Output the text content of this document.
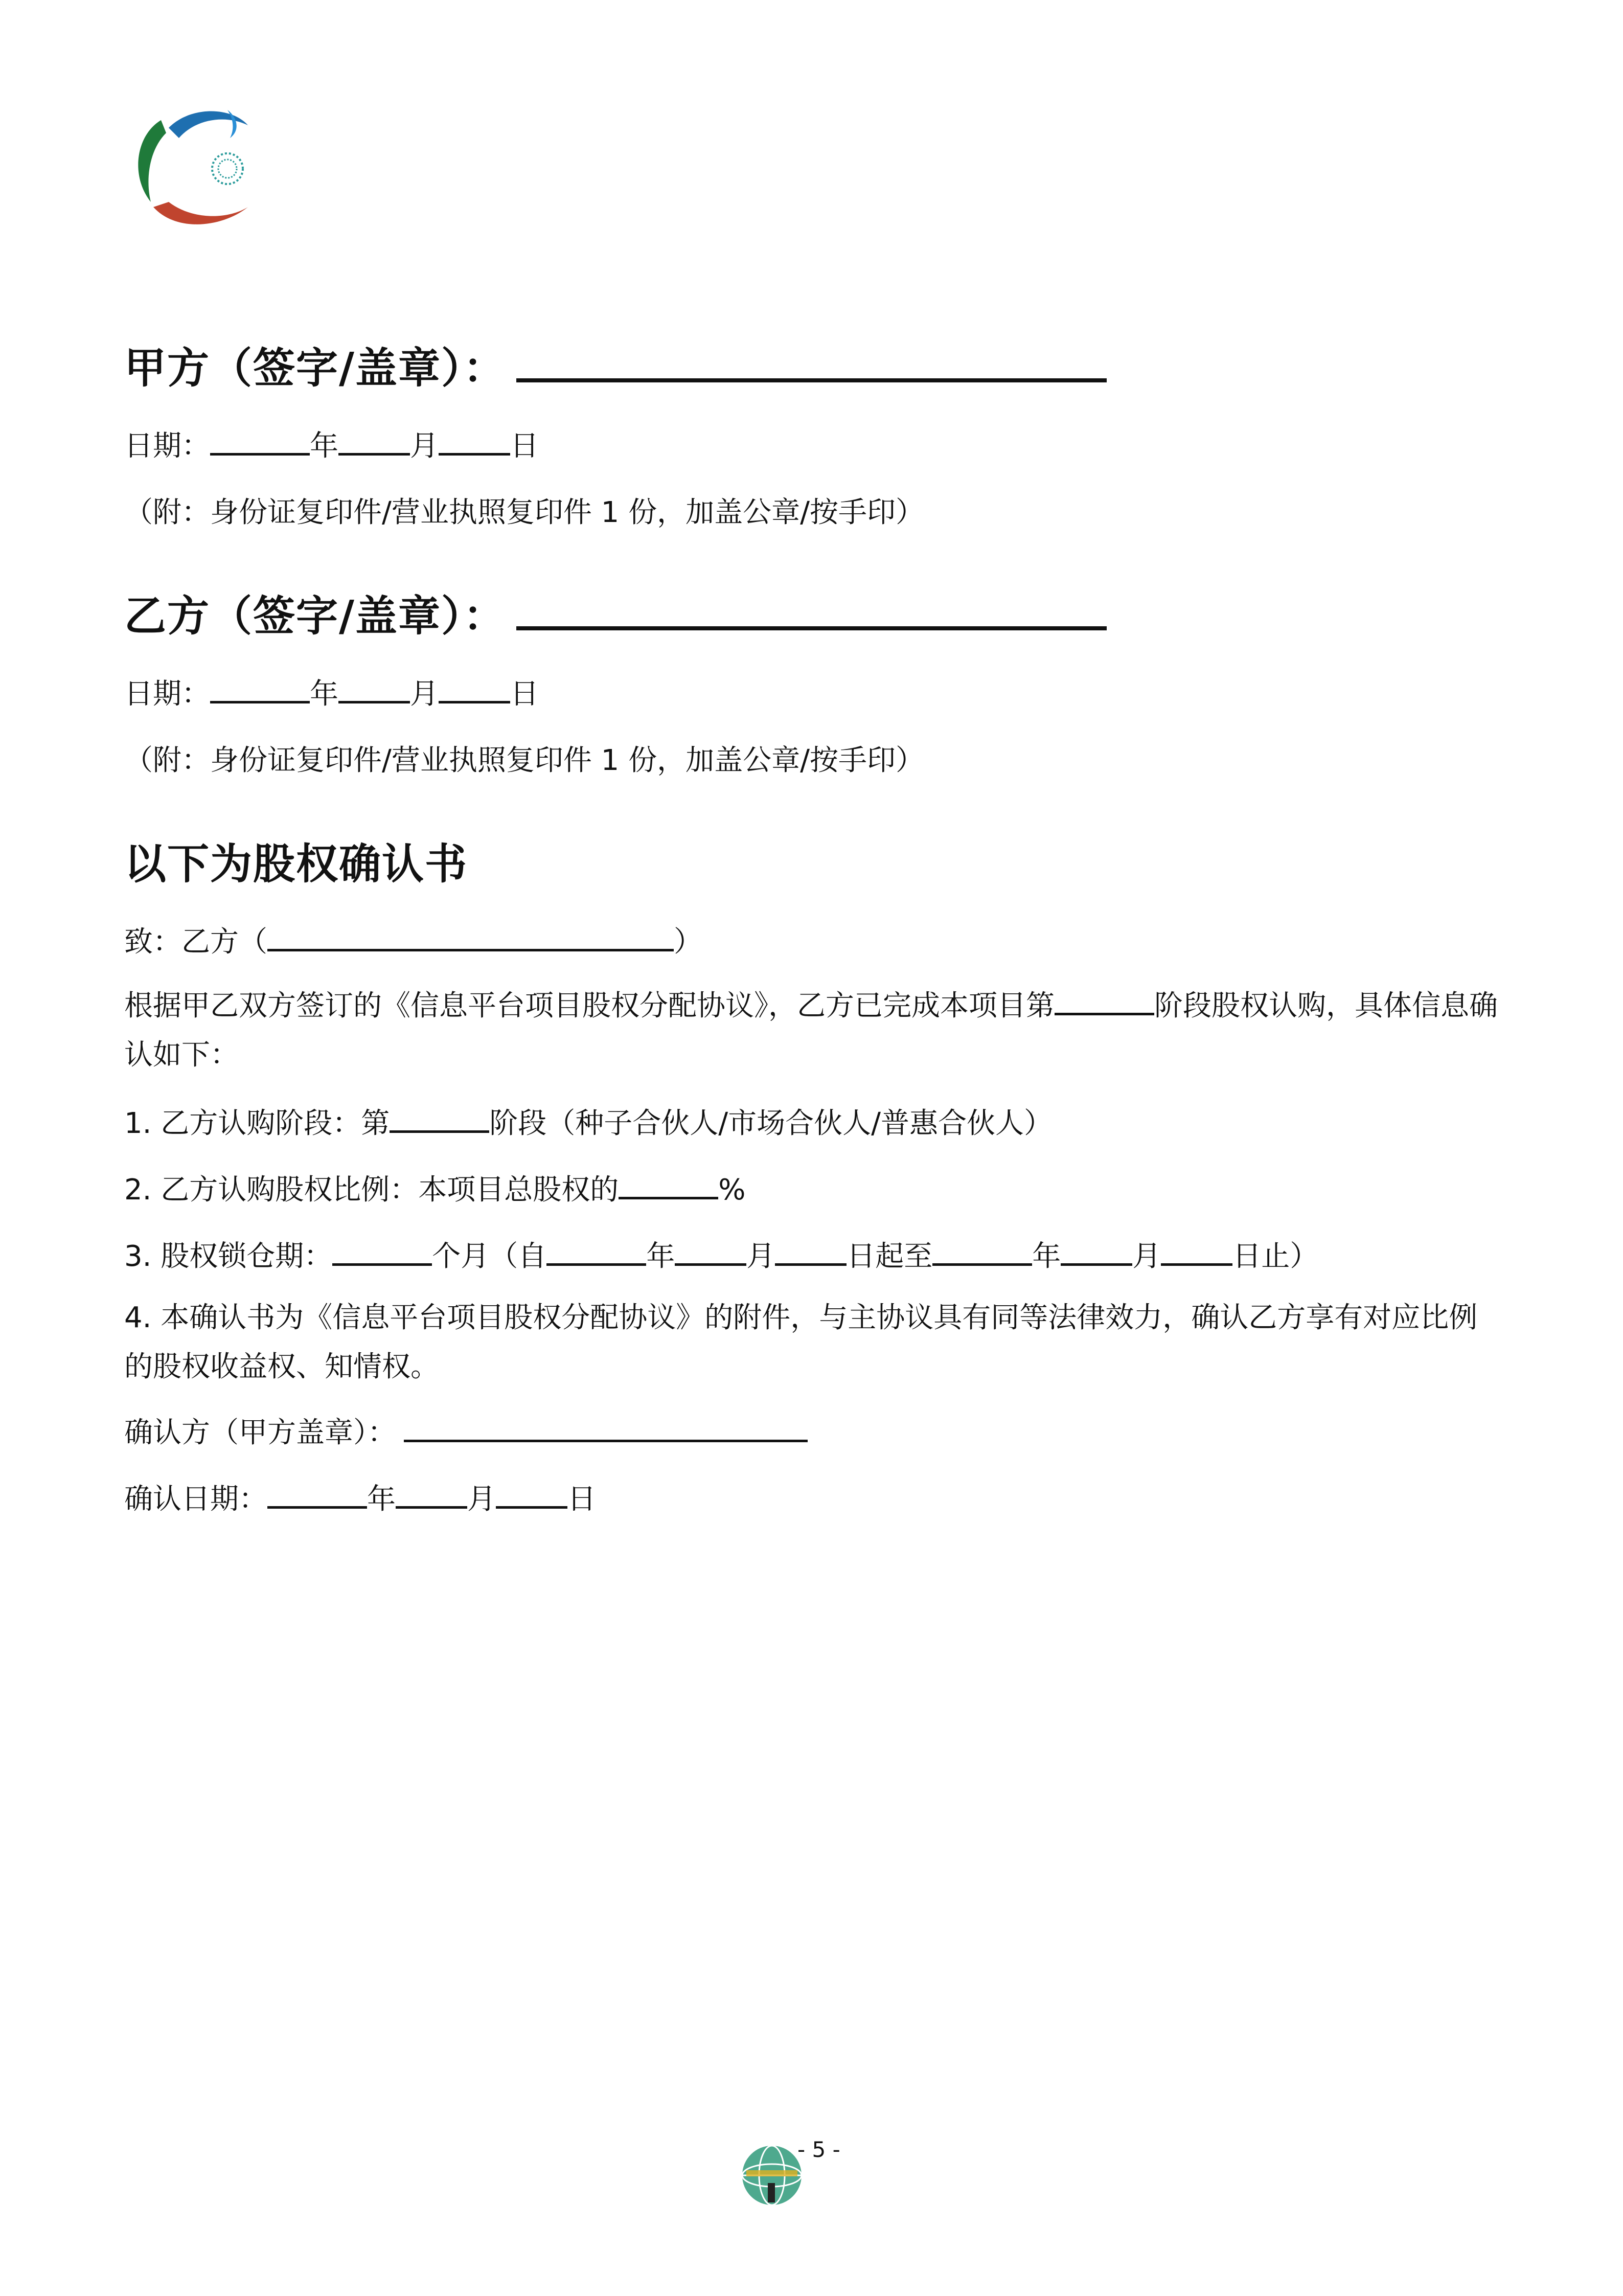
甲方（签字/盖章）：
日期：	年	月	日
（附：身份证复印件/营业执照复印件 1 份，加盖公章/按手印）
乙方（签字/盖章）：
日期：	年	月	日
（附：身份证复印件/营业执照复印件 1 份，加盖公章/按手印）
以下为股权确认书
致：乙方（	）
根据甲乙双方签订的《信息平台项目股权分配协议》，乙方已完成本项目第	阶段股权认购，具体信息确认如下：
1. 乙方认购阶段：第	阶段（种子合伙人/市场合伙人/普惠合伙人）
2. 乙方认购股权比例：本项目总股权的	%
3. 股权锁仓期：	个月（自	年	月	日起至	年	月	日止）
4. 本确认书为《信息平台项目股权分配协议》的附件，与主协议具有同等法律效力，确认乙方享有对应比例的股权收益权、知情权。
确认方（甲方盖章）：
确认日期：	年	月	日
- 5 -
